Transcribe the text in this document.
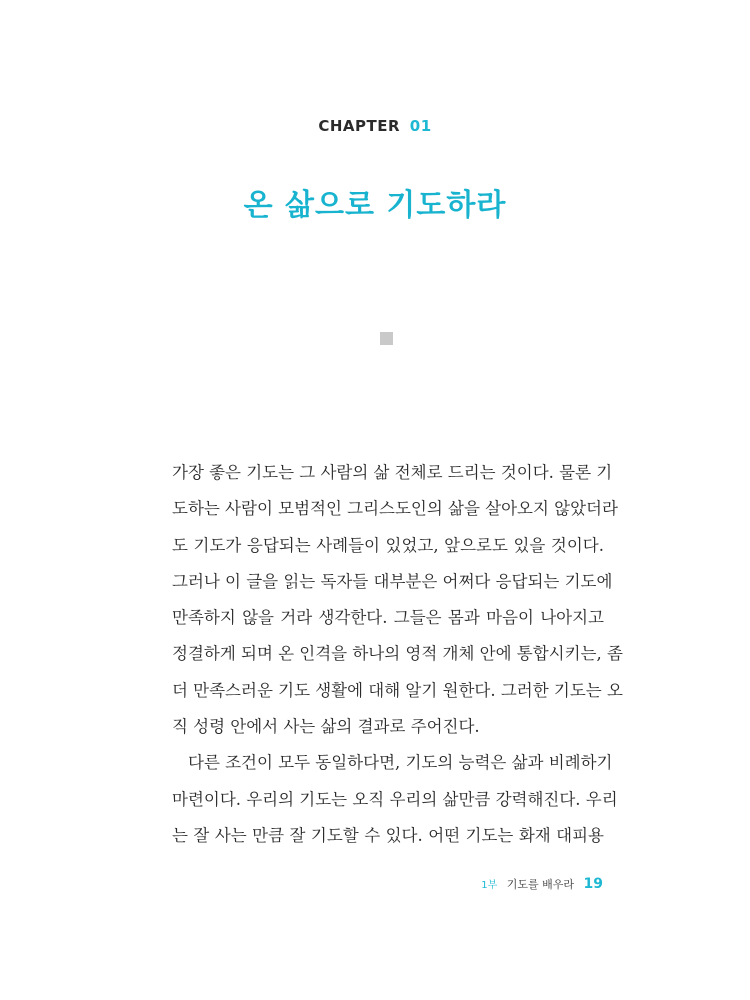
CHAPTER 01
온 삶으로 기도하라
가장 좋은 기도는 그 사람의 삶 전체로 드리는 것이다. 물론 기
도하는 사람이 모범적인 그리스도인의 삶을 살아오지 않았더라
도 기도가 응답되는 사례들이 있었고, 앞으로도 있을 것이다.
그러나 이 글을 읽는 독자들 대부분은 어쩌다 응답되는 기도에
만족하지 않을 거라 생각한다. 그들은 몸과 마음이 나아지고
정결하게 되며 온 인격을 하나의 영적 개체 안에 통합시키는, 좀
더 만족스러운 기도 생활에 대해 알기 원한다. 그러한 기도는 오
직 성령 안에서 사는 삶의 결과로 주어진다.
다른 조건이 모두 동일하다면, 기도의 능력은 삶과 비례하기
마련이다. 우리의 기도는 오직 우리의 삶만큼 강력해진다. 우리
는 잘 사는 만큼 잘 기도할 수 있다. 어떤 기도는 화재 대피용
1부 기도를 배우라 19
